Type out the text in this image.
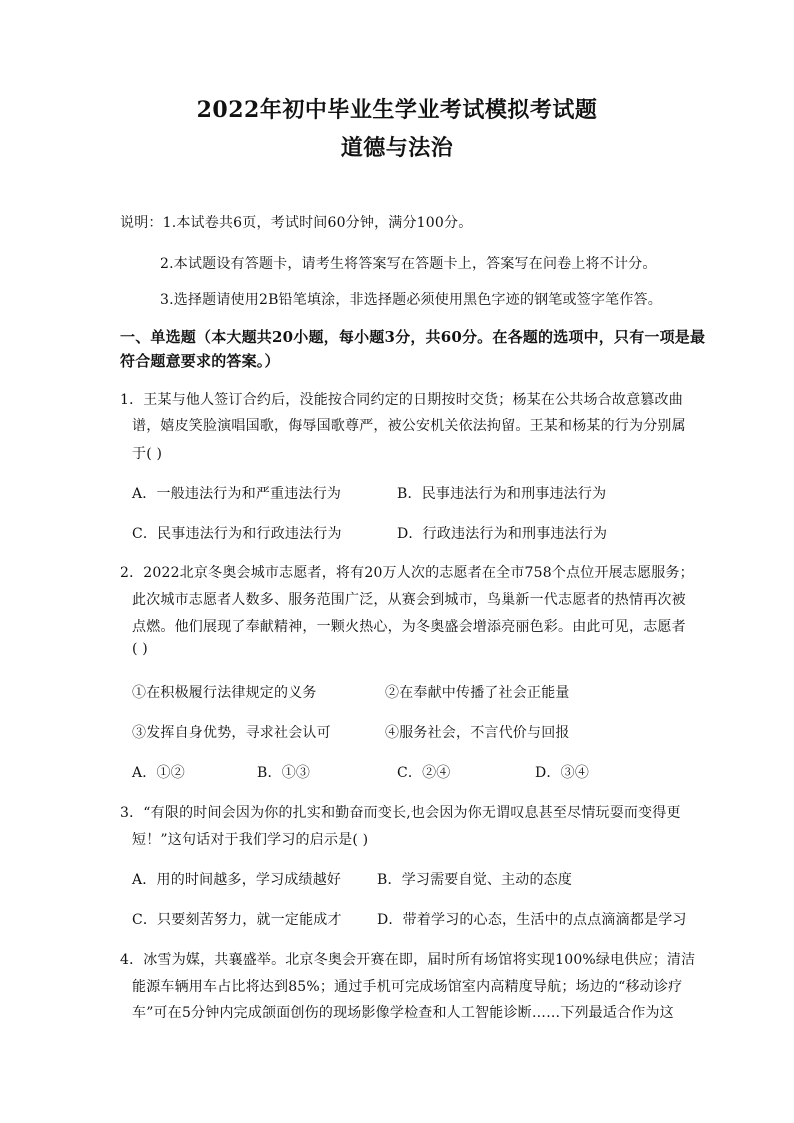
2022年初中毕业生学业考试模拟考试题
道德与法治
说明：1.本试卷共6页，考试时间60分钟，满分100分。
2.本试题设有答题卡，请考生将答案写在答题卡上，答案写在问卷上将不计分。
3.选择题请使用2B铅笔填涂，非选择题必须使用黑色字迹的钢笔或签字笔作答。
一、单选题（本大题共20小题，每小题3分，共60分。在各题的选项中，只有一项是最
符合题意要求的答案。）
1．王某与他人签订合约后，没能按合同约定的日期按时交货；杨某在公共场合故意篡改曲
谱，嬉皮笑脸演唱国歌，侮辱国歌尊严，被公安机关依法拘留。王某和杨某的行为分别属
于( )
A．一般违法行为和严重违法行为	B．民事违法行为和刑事违法行为
C．民事违法行为和行政违法行为	D．行政违法行为和刑事违法行为
2．2022北京冬奥会城市志愿者，将有20万人次的志愿者在全市758个点位开展志愿服务；
此次城市志愿者人数多、服务范围广泛，从赛会到城市，鸟巢新一代志愿者的热情再次被
点燃。他们展现了奉献精神，一颗火热心，为冬奥盛会增添亮丽色彩。由此可见，志愿者
( )
①在积极履行法律规定的义务	②在奉献中传播了社会正能量
③发挥自身优势，寻求社会认可	④服务社会，不言代价与回报
A．①②	B．①③	C．②④	D．③④
3．“有限的时间会因为你的扎实和勤奋而变长,也会因为你无谓叹息甚至尽情玩耍而变得更
短！”这句话对于我们学习的启示是( )
A．用的时间越多，学习成绩越好	B．学习需要自觉、主动的态度
C．只要刻苦努力，就一定能成才	D．带着学习的心态，生活中的点点滴滴都是学习
4．冰雪为媒，共襄盛举。北京冬奥会开赛在即，届时所有场馆将实现100%绿电供应；清洁
能源车辆用车占比将达到85%；通过手机可完成场馆室内高精度导航；场边的“移动诊疗
车”可在5分钟内完成颌面创伤的现场影像学检查和人工智能诊断……下列最适合作为这
